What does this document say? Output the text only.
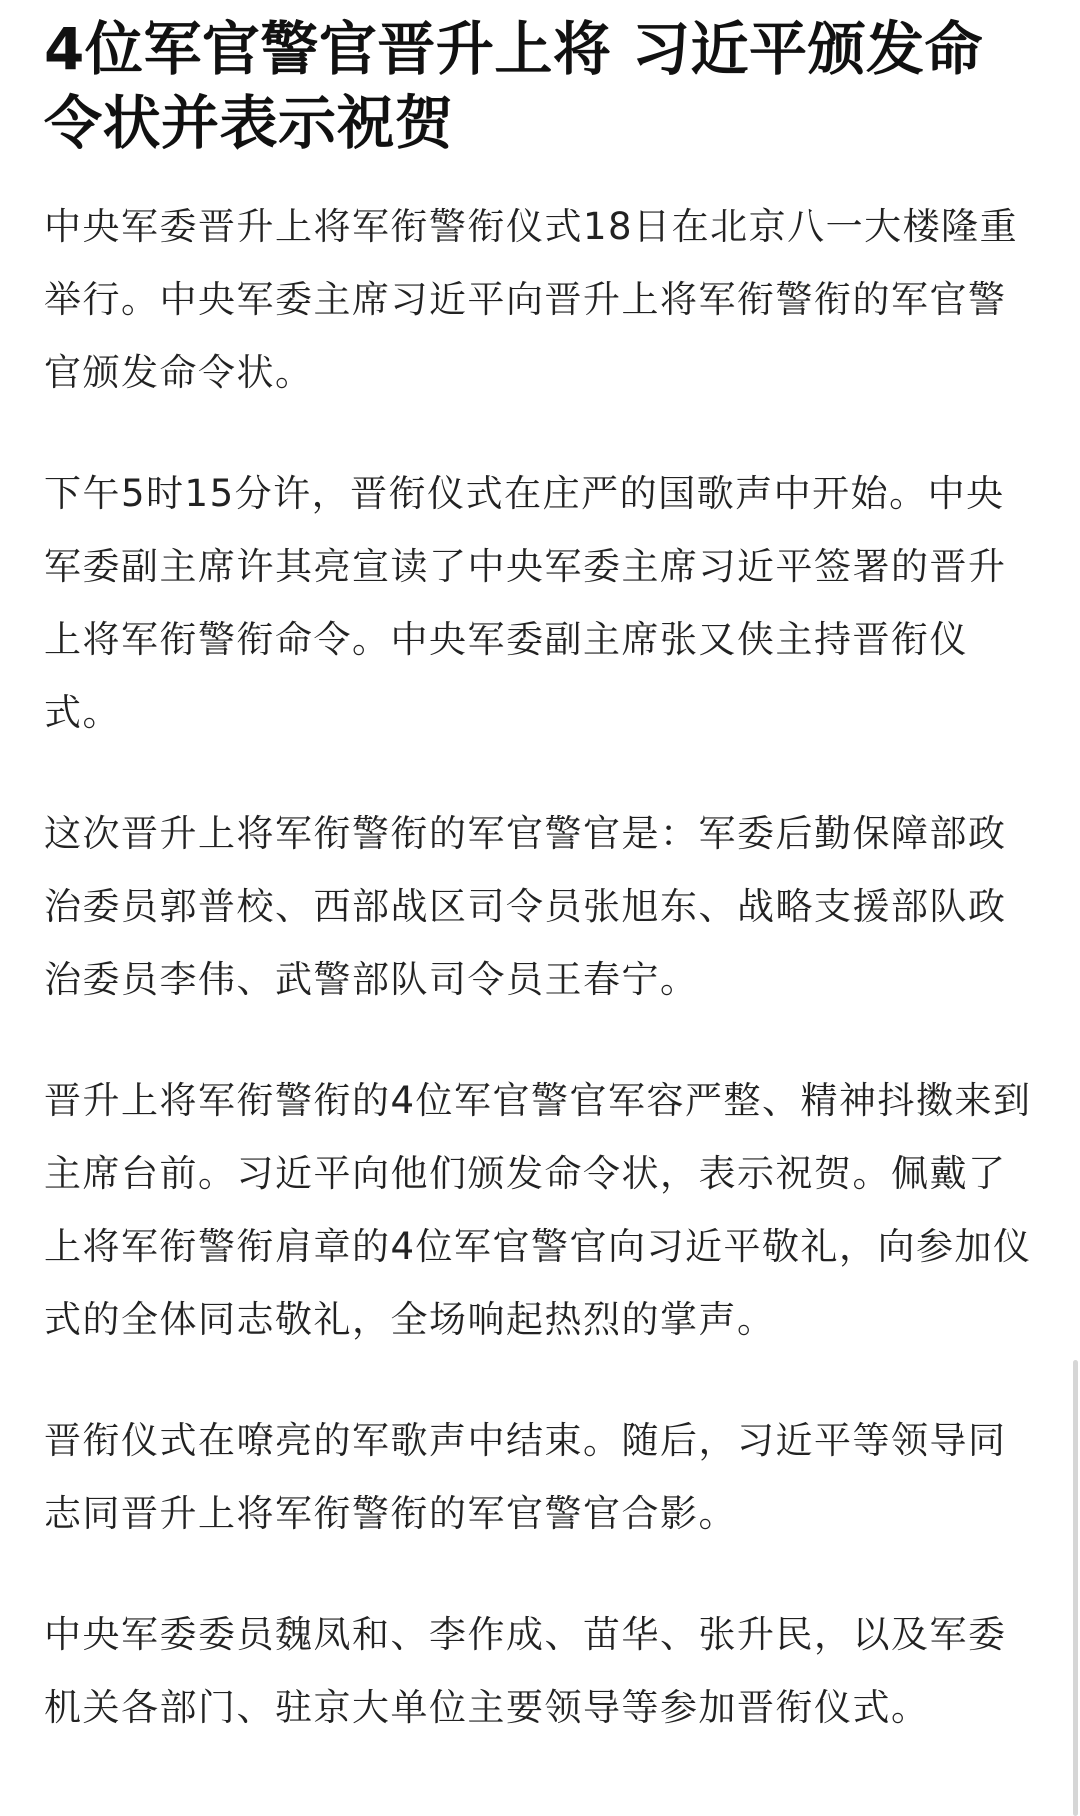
4位军官警官晋升上将 习近平颁发命令状并表示祝贺

中央军委晋升上将军衔警衔仪式18日在北京八一大楼隆重举行。中央军委主席习近平向晋升上将军衔警衔的军官警官颁发命令状。

下午5时15分许，晋衔仪式在庄严的国歌声中开始。中央军委副主席许其亮宣读了中央军委主席习近平签署的晋升上将军衔警衔命令。中央军委副主席张又侠主持晋衔仪式。

这次晋升上将军衔警衔的军官警官是：军委后勤保障部政治委员郭普校、西部战区司令员张旭东、战略支援部队政治委员李伟、武警部队司令员王春宁。

晋升上将军衔警衔的4位军官警官军容严整、精神抖擞来到主席台前。习近平向他们颁发命令状，表示祝贺。佩戴了上将军衔警衔肩章的4位军官警官向习近平敬礼，向参加仪式的全体同志敬礼，全场响起热烈的掌声。

晋衔仪式在嘹亮的军歌声中结束。随后，习近平等领导同志同晋升上将军衔警衔的军官警官合影。

中央军委委员魏凤和、李作成、苗华、张升民，以及军委机关各部门、驻京大单位主要领导等参加晋衔仪式。
